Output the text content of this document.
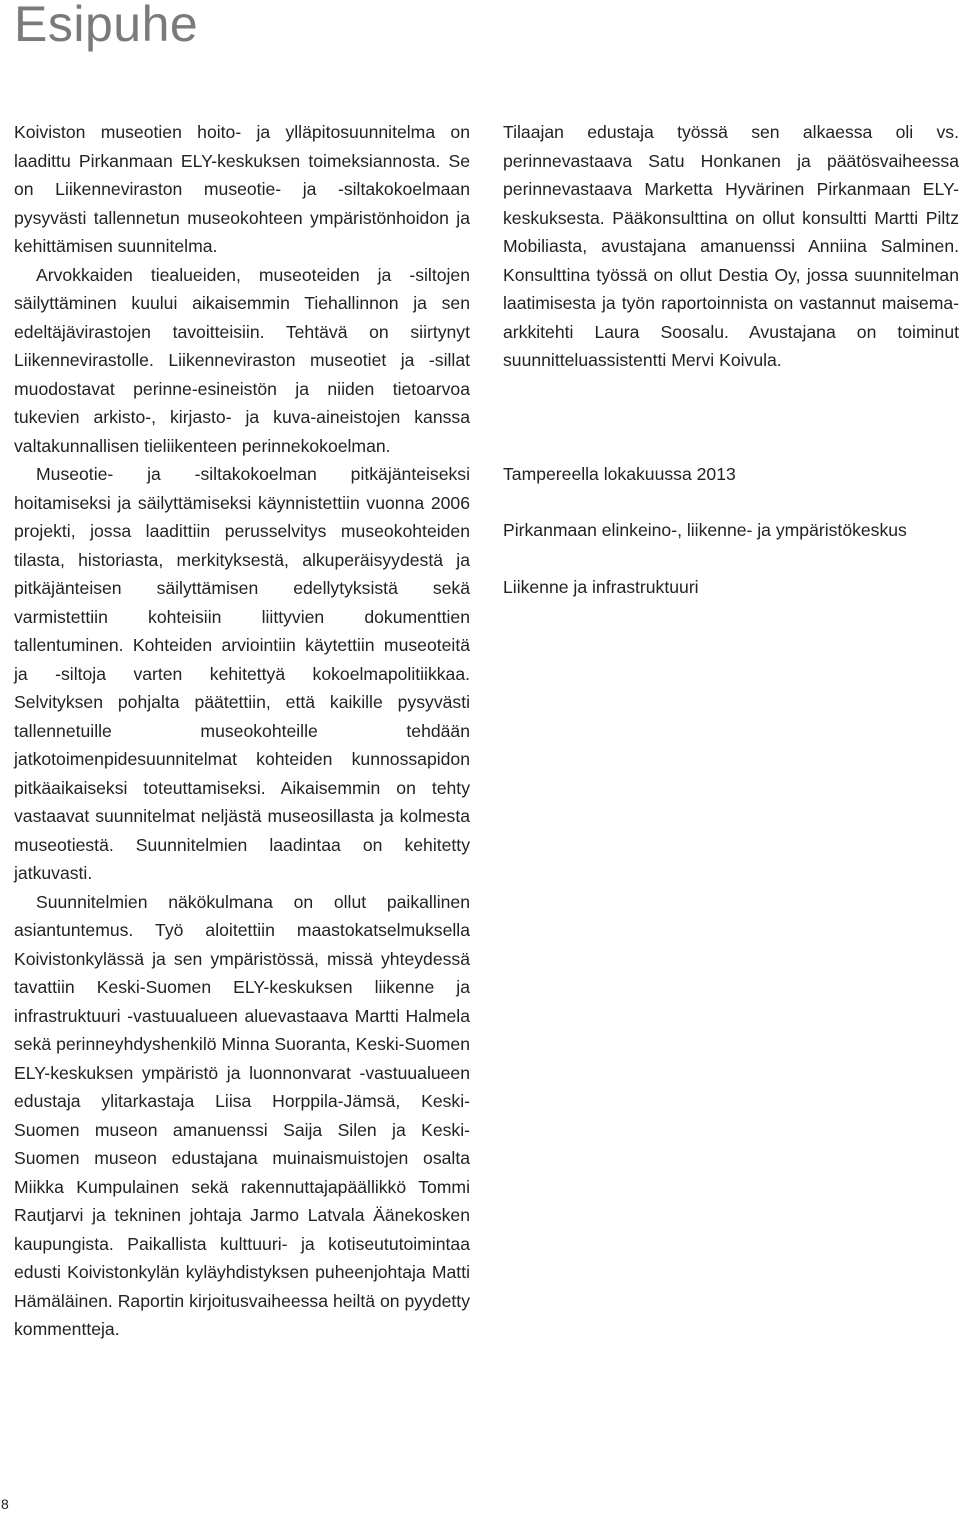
Esipuhe

Koiviston museotien hoito- ja ylläpitosuunnitelma on laadittu Pirkanmaan ELY-keskuksen toimeksiannosta. Se on Liikenneviraston museotie- ja -siltakokoelmaan pysyvästi tallennetun museokohteen ympäristönhoidon ja kehittämisen suunnitelma.

Arvokkaiden tiealueiden, museoteiden ja -siltojen säilyttäminen kuului aikaisemmin Tiehallinnon ja sen edeltäjävirastojen tavoitteisiin. Tehtävä on siirtynyt Liikennevirastolle. Liikenneviraston museotiet ja -sillat muodostavat perinne-esineistön ja niiden tietoarvoa tukevien arkisto-, kirjasto- ja kuva-aineistojen kanssa valtakunnallisen tieliikenteen perinnekokoelman.

Museotie- ja -siltakokoelman pitkäjänteiseksi hoitamiseksi ja säilyttämiseksi käynnistettiin vuonna 2006 projekti, jossa laadittiin perusselvitys museokohteiden tilasta, historiasta, merkityksestä, alkuperäisyydestä ja pitkäjänteisen säilyttämisen edellytyksistä sekä varmistettiin kohteisiin liittyvien dokumenttien tallentuminen. Kohteiden arviointiin käytettiin museoteitä ja -siltoja varten kehitettyä kokoelmapolitiikkaa. Selvityksen pohjalta päätettiin, että kaikille pysyvästi tallennetuille museokohteille tehdään jatkotoimenpidesuunnitelmat kohteiden kunnossapidon pitkäaikaiseksi toteuttamiseksi. Aikaisemmin on tehty vastaavat suunnitelmat neljästä museosillasta ja kolmesta museotiestä. Suunnitelmien laadintaa on kehitetty jatkuvasti.

Suunnitelmien näkökulmana on ollut paikallinen asiantuntemus. Työ aloitettiin maastokatselmuksella Koivistonkylässä ja sen ympäristössä, missä yhteydessä tavattiin Keski-Suomen ELY-keskuksen liikenne ja infrastruktuuri -vastuualueen aluevastaava Martti Halmela sekä perinneyhdyshenkilö Minna Suoranta, Keski-Suomen ELY-keskuksen ympäristö ja luonnonvarat -vastuualueen edustaja ylitarkastaja Liisa Horppila-Jämsä, Keski-Suomen museon amanuenssi Saija Silen ja Keski-Suomen museon edustajana muinaismuistojen osalta Miikka Kumpulainen sekä rakennuttajapäällikkö Tommi Rautjarvi ja tekninen johtaja Jarmo Latvala Äänekosken kaupungista. Paikallista kulttuuri- ja kotiseututoimintaa edusti Koivistonkylän kyläyhdistyksen puheenjohtaja Matti Hämäläinen. Raportin kirjoitusvaiheessa heiltä on pyydetty kommentteja.

Tilaajan edustaja työssä sen alkaessa oli vs. perinnevastaava Satu Honkanen ja päätösvaiheessa perinnevastaava Marketta Hyvärinen Pirkanmaan ELY-keskuksesta. Pääkonsulttina on ollut konsultti Martti Piltz Mobiliasta, avustajana amanuenssi Anniina Salminen. Konsulttina työssä on ollut Destia Oy, jossa suunnitelman laatimisesta ja työn raportoinnista on vastannut maisema-arkkitehti Laura Soosalu. Avustajana on toiminut suunnitteluassistentti Mervi Koivula.

Tampereella lokakuussa 2013

Pirkanmaan elinkeino-, liikenne- ja ympäristökeskus

Liikenne ja infrastruktuuri

8
